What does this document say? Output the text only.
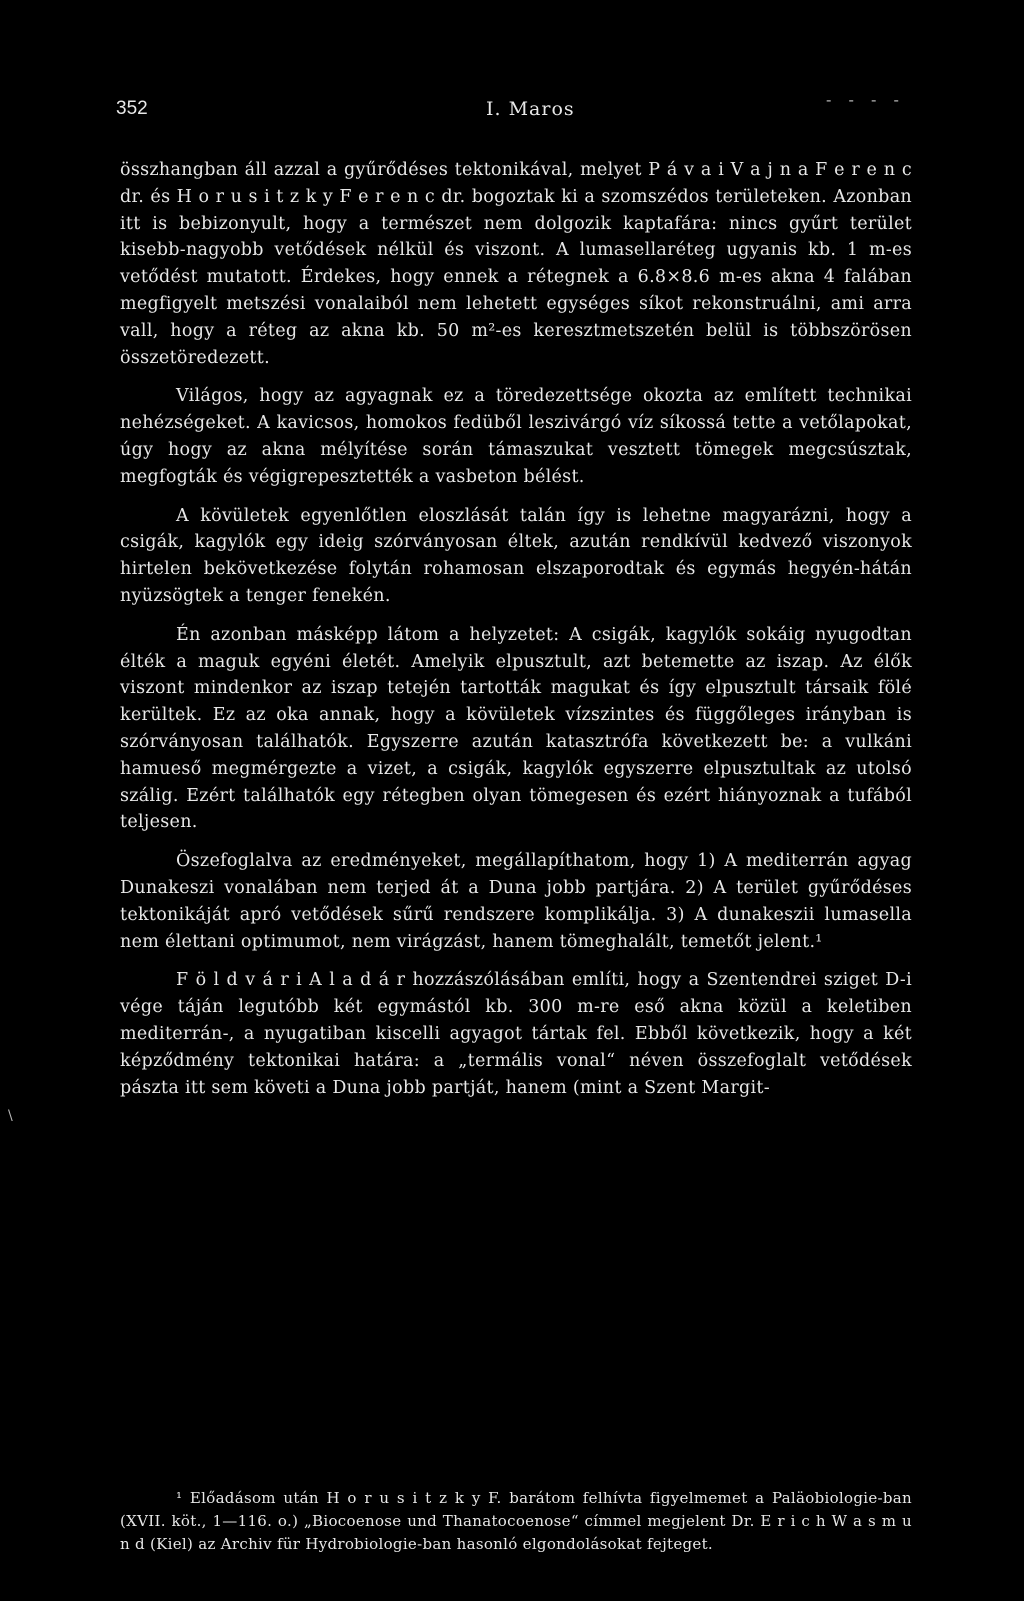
352	I. Maros	- - - -

összhangban áll azzal a gyűrődéses tektonikával, melyet P á v a i V a j n a F e r e n c dr. és H o r u s i t z k y F e r e n c dr. bogoztak ki a szomszédos területeken. Azonban itt is bebizonyult, hogy a természet nem dolgozik kaptafára: nincs gyűrt terület kisebb-nagyobb vetődések nélkül és viszont. A lumasellaréteg ugyanis kb. 1 m-es vetődést mutatott. Érdekes, hogy ennek a rétegnek a 6.8×8.6 m-es akna 4 falában megfigyelt metszési vonalaiból nem lehetett egységes síkot rekonstruálni, ami arra vall, hogy a réteg az akna kb. 50 m²-es keresztmetszetén belül is többszörösen összetöredezett.

Világos, hogy az agyagnak ez a töredezettsége okozta az említett technikai nehézségeket. A kavicsos, homokos fedüből leszivárgó víz síkossá tette a vetőlapokat, úgy hogy az akna mélyítése során támaszukat vesztett tömegek megcsúsztak, megfogták és végigrepesztették a vasbeton bélést.

A kövületek egyenlőtlen eloszlását talán így is lehetne magyarázni, hogy a csigák, kagylók egy ideig szórványosan éltek, azután rendkívül kedvező viszonyok hirtelen bekövetkezése folytán rohamosan elszaporodtak és egymás hegyén-hátán nyüzsögtek a tenger fenekén.

Én azonban másképp látom a helyzetet: A csigák, kagylók sokáig nyugodtan élték a maguk egyéni életét. Amelyik elpusztult, azt betemette az iszap. Az élők viszont mindenkor az iszap tetején tartották magukat és így elpusztult társaik fölé kerültek. Ez az oka annak, hogy a kövületek vízszintes és függőleges irányban is szórványosan találhatók. Egyszerre azután katasztrófa következett be: a vulkáni hamueső megmérgezte a vizet, a csigák, kagylók egyszerre elpusztultak az utolsó szálig. Ezért találhatók egy rétegben olyan tömegesen és ezért hiányoznak a tufából teljesen.

Öszefoglalva az eredményeket, megállapíthatom, hogy 1) A mediterrán agyag Dunakeszi vonalában nem terjed át a Duna jobb partjára. 2) A terület gyűrődéses tektonikáját apró vetődések sűrű rendszere komplikálja. 3) A dunakeszii lumasella nem élettani optimumot, nem virágzást, hanem tömeghalált, temetőt jelent.¹

F ö l d v á r i A l a d á r hozzászólásában említi, hogy a Szentendrei sziget D-i vége táján legutóbb két egymástól kb. 300 m-re eső akna közül a keletiben mediterrán-, a nyugatiban kiscelli agyagot tártak fel. Ebből következik, hogy a két képződmény tektonikai határa: a „termális vonal“ néven összefoglalt vetődések pászta itt sem követi a Duna jobb partját, hanem (mint a Szent Margit-

¹ Előadásom után H o r u s i t z k y F. barátom felhívta figyelmemet a Paläobiologie-ban (XVII. köt., 1—116. o.) „Biocoenose und Thanatocoenose“ címmel megjelent Dr. E r i c h W a s m u n d (Kiel) az Archiv für Hydrobiologie-ban hasonló elgondolásokat fejteget.

\
